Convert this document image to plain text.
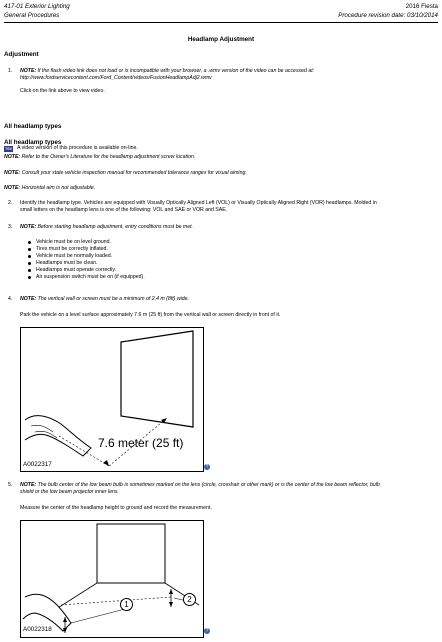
417-01 Exterior Lighting	2016 Fiesta
General Procedures	Procedure revision date: 03/10/2014
Headlamp Adjustment
Adjustment
1. NOTE: If the flash video link does not load or is incompatible with your browser, a .wmv version of the video can be accessed at:
http://www.fordservicecontent.com/Ford_Content/videos/FusionHeadlampAdj2.wmv
Click on the link above to view video.
TSV A video version of this procedure is available on-line.
All headlamp types
All headlamp types
NOTE: Refer to the Owner's Literature for the headlamp adjustment screw location.
NOTE: Consult your state vehicle inspection manual for recommended tolerance ranges for visual aiming.
NOTE: Horizontal aim is not adjustable.
2. Identify the headlamp type. Vehicles are equipped with Visually Optically Aligned Left (VOL) or Visually Optically Aligned Right (VOR) headlamps. Molded in
small letters on the headlamp lens is one of the following: VOL and SAE or VOR and SAE.
3. NOTE: Before starting headlamp adjustment, entry conditions must be met.
Vehicle must be on level ground.
Tires must be correctly inflated.
Vehicle must be normally loaded.
Headlamps must be clean.
Headlamps must operate correctly.
Air suspension switch must be on (if equipped).
4. NOTE: The vertical wall or screen must be a minimum of 2.4 m (8ft) wide.
Park the vehicle on a level surface approximately 7.6 m (25 ft) from the vertical wall or screen directly in front of it.
7.6 meter (25 ft)
A0022317	?
5. NOTE: The bulb center of the low beam bulb is sometimes marked on the lens (circle, crosshair or other mark) or is the center of the low beam reflector, bulb
shield or the low beam projector inner lens.
Measure the center of the headlamp height to ground and record the measurement.
1
2
A0022318	?
